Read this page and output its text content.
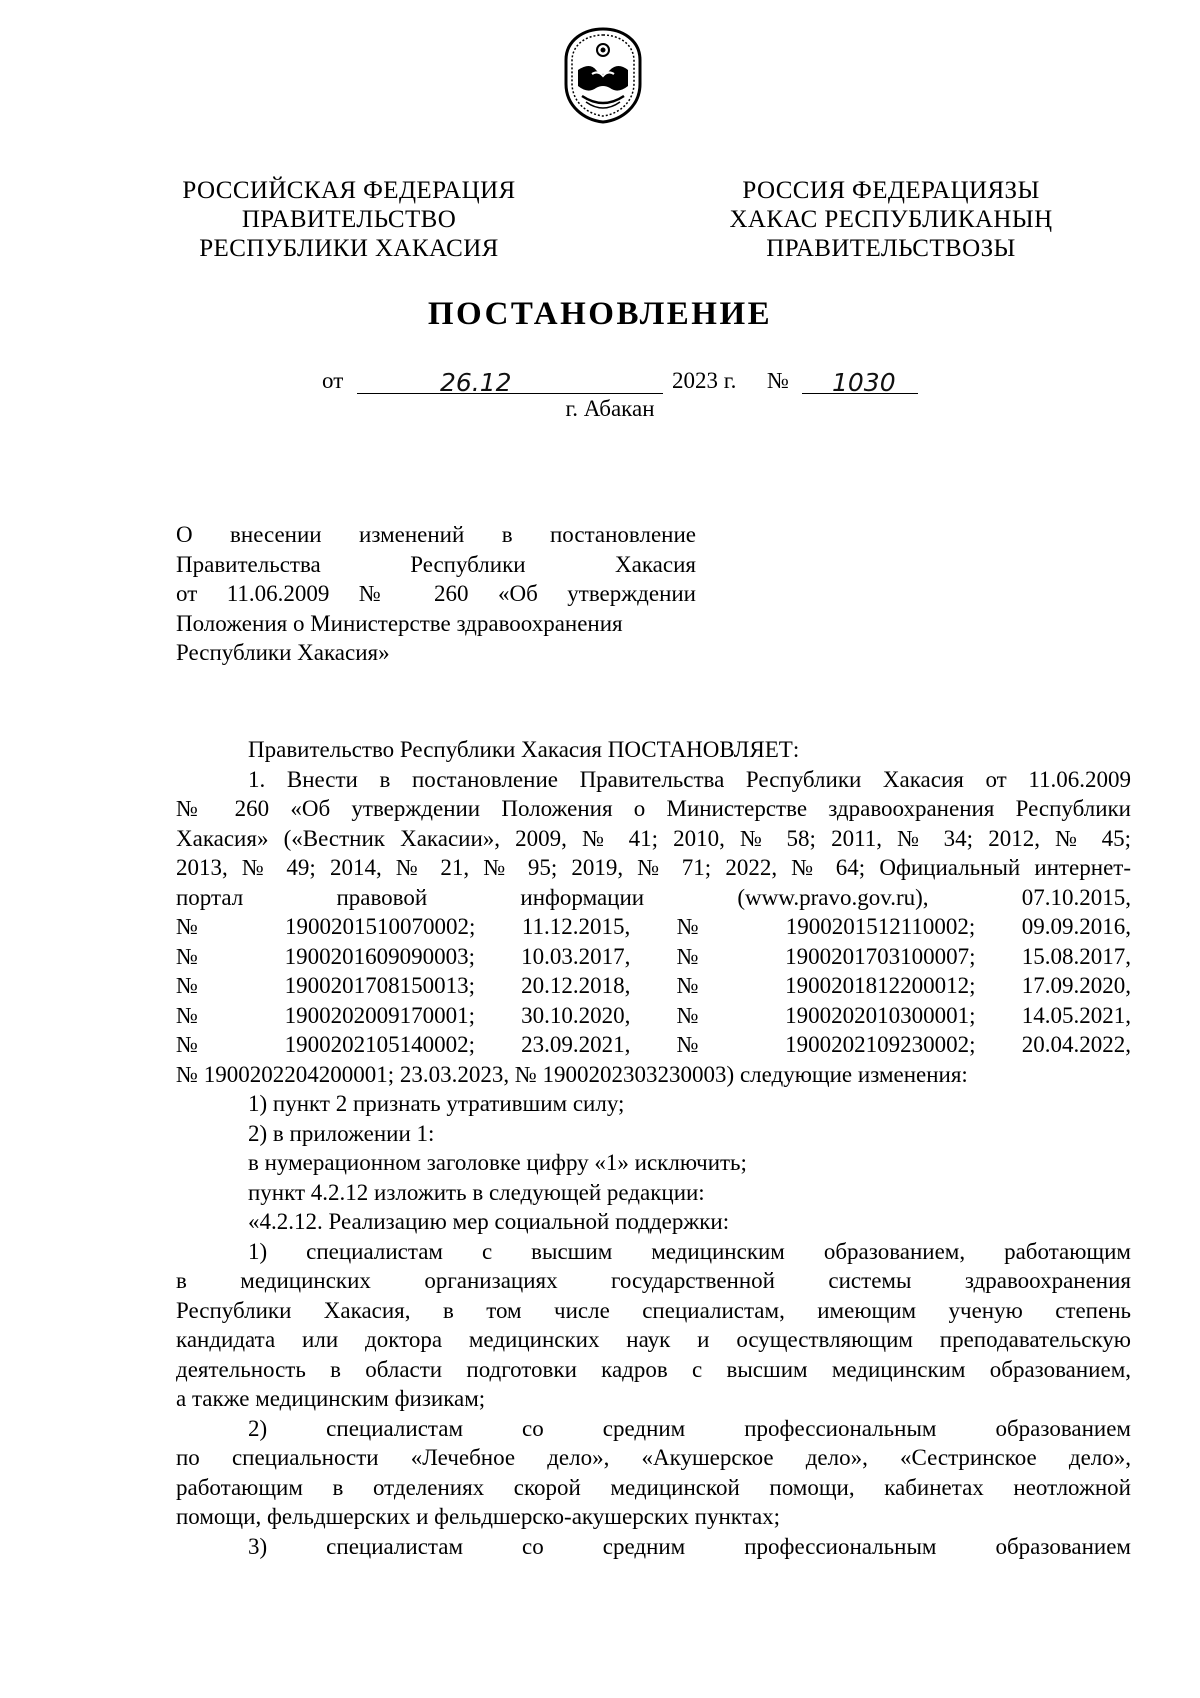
РОССИЙСКАЯ ФЕДЕРАЦИЯ
ПРАВИТЕЛЬСТВО
РЕСПУБЛИКИ ХАКАСИЯ
РОССИЯ ФЕДЕРАЦИЯЗЫ
ХАКАС РЕСПУБЛИКАНЫҢ
ПРАВИТЕЛЬСТВОЗЫ
ПОСТАНОВЛЕНИЕ
от	26.12	2023 г. № 1030
г. Абакан
О внесении изменений в постановление
Правительства Республики Хакасия
от 11.06.2009 № 260 «Об утверждении
Положения о Министерстве здравоохранения
Республики Хакасия»
Правительство Республики Хакасия ПОСТАНОВЛЯЕТ:
1. Внести в постановление Правительства Республики Хакасия от 11.06.2009
№ 260 «Об утверждении Положения о Министерстве здравоохранения Республики
Хакасия» («Вестник Хакасии», 2009, № 41; 2010, № 58; 2011, № 34; 2012, № 45;
2013, № 49; 2014, № 21, № 95; 2019, № 71; 2022, № 64; Официальный интернет-
портал правовой информации (www.pravo.gov.ru), 07.10.2015,
№ 1900201510070002; 11.12.2015, № 1900201512110002; 09.09.2016,
№ 1900201609090003; 10.03.2017, № 1900201703100007; 15.08.2017,
№ 1900201708150013; 20.12.2018, № 1900201812200012; 17.09.2020,
№ 1900202009170001; 30.10.2020, № 1900202010300001; 14.05.2021,
№ 1900202105140002; 23.09.2021, № 1900202109230002; 20.04.2022,
№ 1900202204200001; 23.03.2023, № 1900202303230003) следующие изменения:
1) пункт 2 признать утратившим силу;
2) в приложении 1:
в нумерационном заголовке цифру «1» исключить;
пункт 4.2.12 изложить в следующей редакции:
«4.2.12. Реализацию мер социальной поддержки:
1) специалистам с высшим медицинским образованием, работающим
в медицинских организациях государственной системы здравоохранения
Республики Хакасия, в том числе специалистам, имеющим ученую степень
кандидата или доктора медицинских наук и осуществляющим преподавательскую
деятельность в области подготовки кадров с высшим медицинским образованием,
а также медицинским физикам;
2) специалистам со средним профессиональным образованием
по специальности «Лечебное дело», «Акушерское дело», «Сестринское дело»,
работающим в отделениях скорой медицинской помощи, кабинетах неотложной
помощи, фельдшерских и фельдшерско-акушерских пунктах;
3) специалистам со средним профессиональным образованием
